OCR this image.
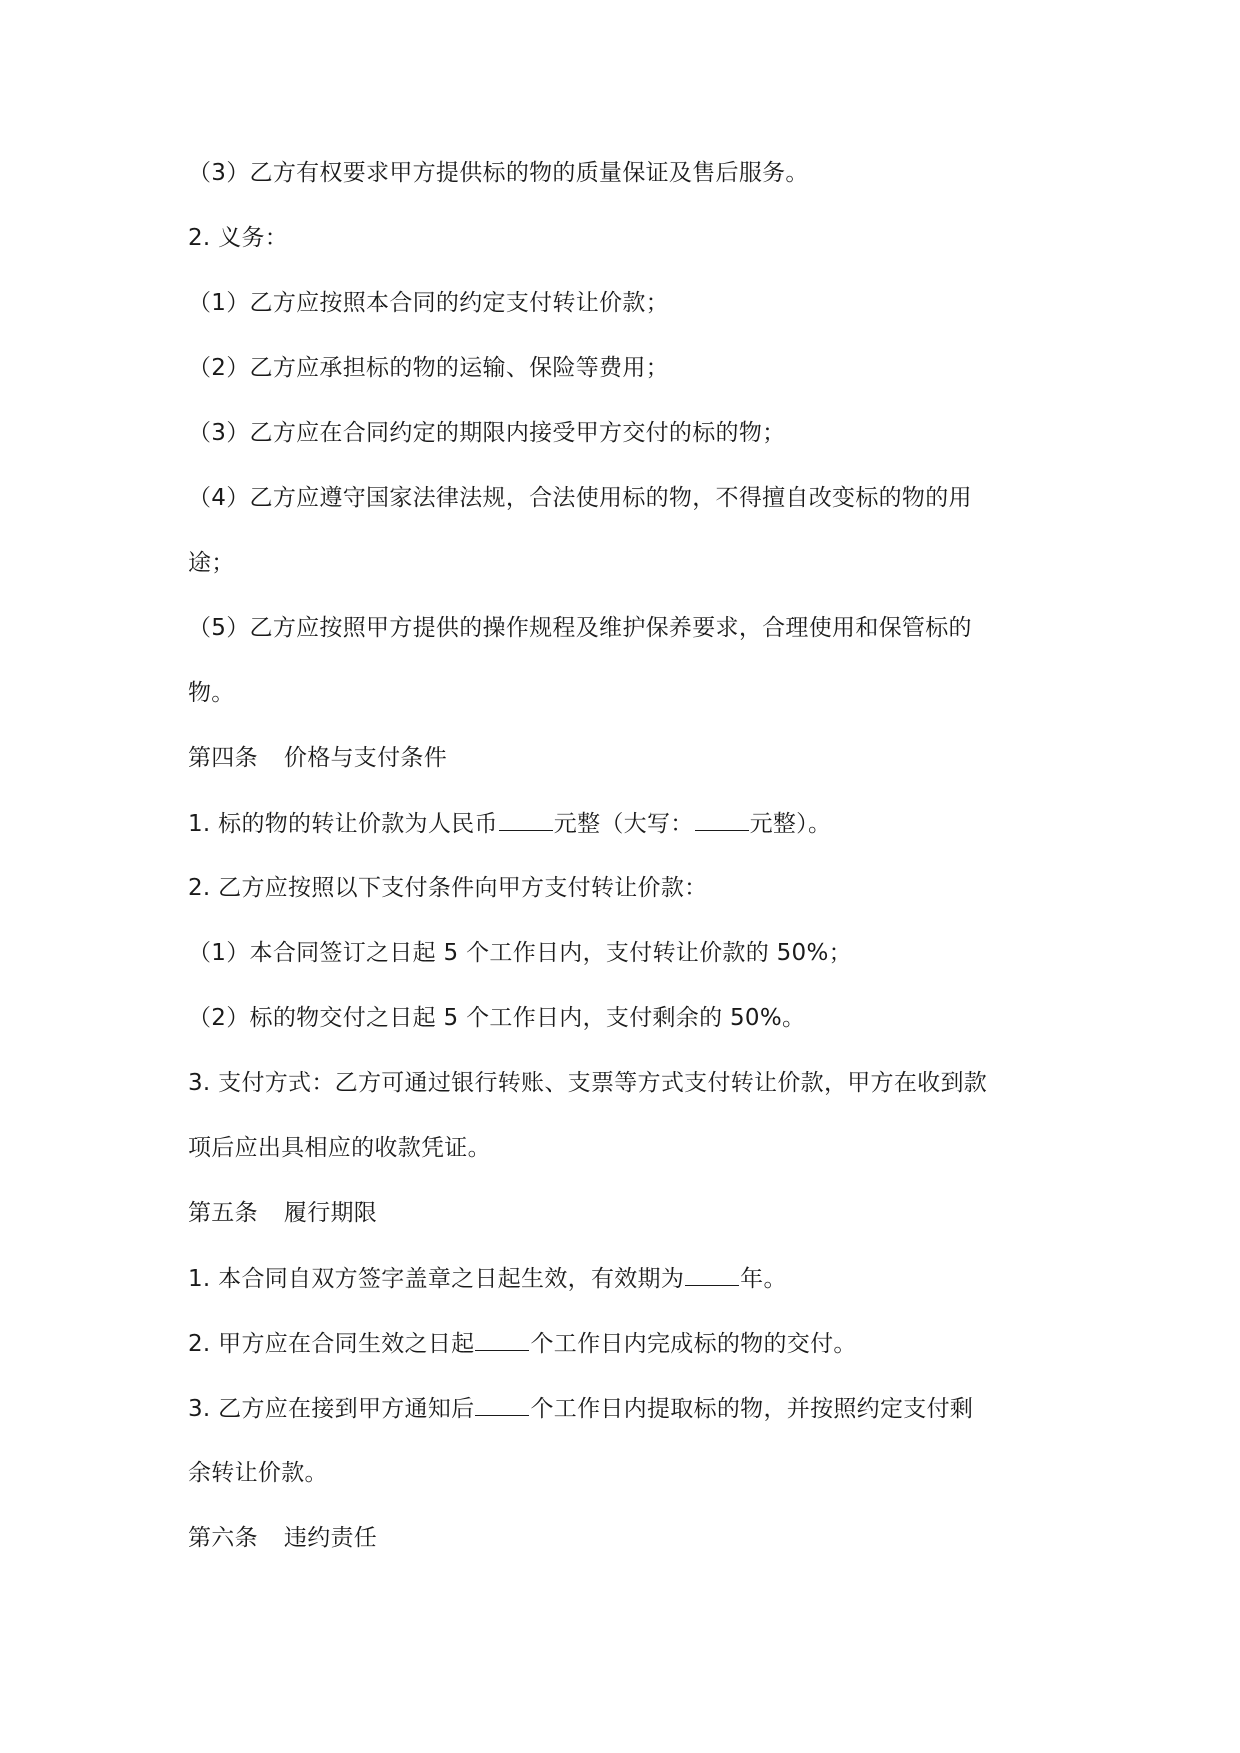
（3）乙方有权要求甲方提供标的物的质量保证及售后服务。
2. 义务：
（1）乙方应按照本合同的约定支付转让价款；
（2）乙方应承担标的物的运输、保险等费用；
（3）乙方应在合同约定的期限内接受甲方交付的标的物；
（4）乙方应遵守国家法律法规，合法使用标的物，不得擅自改变标的物的用
途；
（5）乙方应按照甲方提供的操作规程及维护保养要求，合理使用和保管标的
物。
第四条 价格与支付条件
1. 标的物的转让价款为人民币 元整（大写： 元整）。
2. 乙方应按照以下支付条件向甲方支付转让价款：
（1）本合同签订之日起 5 个工作日内，支付转让价款的 50%；
（2）标的物交付之日起 5 个工作日内，支付剩余的 50%。
3. 支付方式：乙方可通过银行转账、支票等方式支付转让价款，甲方在收到款
项后应出具相应的收款凭证。
第五条 履行期限
1. 本合同自双方签字盖章之日起生效，有效期为 年。
2. 甲方应在合同生效之日起 个工作日内完成标的物的交付。
3. 乙方应在接到甲方通知后 个工作日内提取标的物，并按照约定支付剩
余转让价款。
第六条 违约责任
